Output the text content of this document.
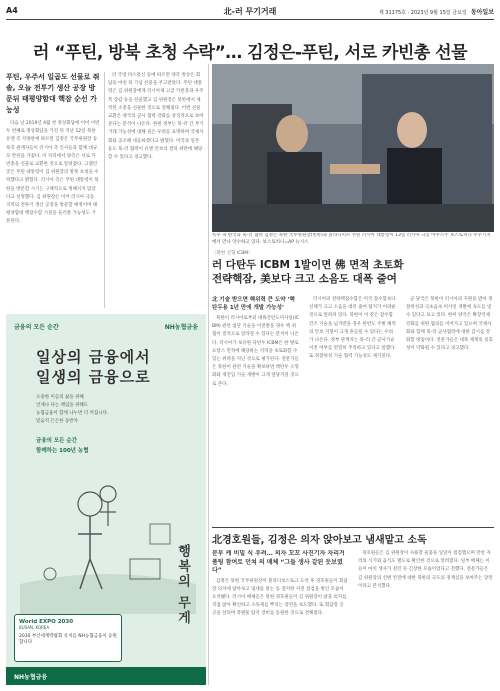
A4	北-러 무기거래	제 31175호 · 2023년 9월 15일 금요일 동아일보
러 “푸틴, 방북 초청 수락”… 김정은-푸틴, 서로 카빈총 선물
푸틴, 우주서 일곱도 선물로 줘 솔, 오늘 전투기 생산 공장 방문뒤 태평양함대 핵잠 순선 가능성

다음 날 2019년 4월 첫 정상회담에 이어 이번 두 번째로 정상회담을 가진 뒤 지난 12일 북한 유엔 측 지방관에 따르면 김정은 국무위원장 등 북측 관계자들이 러시아 측 인사들과 함께 대규모 만찬을 가졌다. 이 자리에서 양측은 서로 카빈총을 선물로 교환한 것으로 알려졌다. 크렘린궁은 푸틴 대통령이 김 위원장의 방북 초청을 수락했다고 밝혔다. 러시아 측은 푸틴 대통령이 북한을 방문할 시기는 구체적으로 정해지지 않았다고 설명했다. 김 위원장은 이어 러시아 극동 지역의 전투기 생산 공장을 방문할 예정이며 태평양함대 핵잠수함 시설을 둘러볼 가능성도 거론된다.

러 국영 타스통신 등에 따르면 양측 정상은 회담을 마친 뒤 기념 선물을 주고받았다. 푸틴 대통령은 김 위원장에게 러시아제 고급 카빈총과 우주복 장갑 등을 선물했고 김 위원장은 북한에서 제작된 소총을 선물한 것으로 전해졌다. 이번 선물 교환은 양국의 군사 협력 강화를 상징적으로 보여준다는 분석이 나온다. 한편 정부는 북-러 간 무기 거래 가능성에 대해 깊은 우려를 표명하며 국제사회와 공조해 대응하겠다고 밝혔다. 미국과 일본 등도 북-러 협력이 유엔 안보리 결의 위반에 해당할 수 있다고 경고했다.

폭우 속 한국과 북-러 협력 김정은 북한 국무위원장(왼쪽)과 블라디미르 푸틴 러시아 대통령이 13일 러시아 극동 아무르주 보스토치니 우주기지에서 만나 악수하고 있다. 보스토치니=AP 뉴시스
〈북한 신형 ICBM〉
러 다탄두 ICBM 1발이면 佛 면적 초토화
전략핵잠, 美보다 크고 소음도 대폭 줄여
北 기술 받으면 핵위력 큰 도약 ‘핵탄두용 1년 만에 개발 가능성’

북한이 러시아로부터 대륙간탄도미사일(ICBM) 관련 첨단 기술을 이전받을 경우 핵 위협이 질적으로 달라질 수 있다는 분석이 나온다. 러시아가 보유한 다탄두 ICBM은 한 발로 프랑스 면적에 해당하는 지역을 초토화할 수 있는 위력을 지닌 것으로 평가된다. 전문가들은 북한이 관련 기술을 확보하면 핵탄두 소형화와 재진입 기술 개발이 크게 앞당겨질 것으로 본다.

러시아의 전략핵잠수함은 미국 잠수함보다 선체가 크고 소음을 대폭 줄여 탐지가 어려운 것으로 알려져 있다. 북한이 이 같은 잠수함 건조 기술을 넘겨받을 경우 한반도 주변 해역의 안보 지형이 크게 흔들릴 수 있다는 우려가 나온다. 정부 관계자는 북-러 간 군사기술 이전 여부를 면밀히 추적하고 있다고 말했다. 또 정찰위성 기술 협력 가능성도 제기된다.

군 당국은 북한이 러시아의 지원을 받아 정찰위성과 극초음속 미사일 개발에 속도를 낼 수 있다고 보고 있다. 한미 양국은 확장억제 강화를 위한 협의를 이어가고 있으며 국제사회와 함께 북-러 군사협력에 대한 감시를 강화할 방침이다. 전문가들은 대북 제재의 실효성이 약화될 수 있다고 경고했다.

금융의 모든 순간	NH농협금융
일상의 금융에서
일생의 금융으로
소중한 이들의 삶을 위해
언제나 다는 책임을 위해도
농협금융이 함께 나누면 더 커집니다.
믿음직 든든한 동반자
금융의 모든 순간
함께하는 100년 농협
행복의 무게
World EXPO 2030
BUSAN, KOREA
2030 부산세계박람회 유치를 NH농협금융이 응원합니다
NH농협금융
北경호원들, 김정은 의자 앉아보고 냄새맡고 소독
분부 케 비밀 식 우려… 의자 꼬꼬 사진기자 자리거품팅 참여토 던쳐 의 매체 “그들 생사 같된 듯보였다”

김정은 북한 국무위원장이 블라디보스토크 도착 후 경호원들이 회담장 의자에 앉아보고 냄새를 맡는 등 철저한 사전 점검을 벌인 모습이 포착됐다. 러시아 매체들은 북한 경호원들이 김 위원장이 앉을 의자를 직접 앉아 확인하고 소독제를 뿌리는 장면을 보도했다. 또 회담장 곳곳을 살피며 폭발물 탐지 장비를 동원한 것으로 전해졌다.

경호원들은 김 위원장이 사용할 물품을 일일이 점검했으며 만찬 자리의 식기와 음식도 별도로 확인한 것으로 알려졌다. 일부 매체는 이들이 마치 생사가 걸린 듯 긴장한 모습이었다고 전했다. 전문가들은 김 위원장의 신변 안전에 대한 북한의 극도의 경계심을 보여주는 장면이라고 분석했다.
